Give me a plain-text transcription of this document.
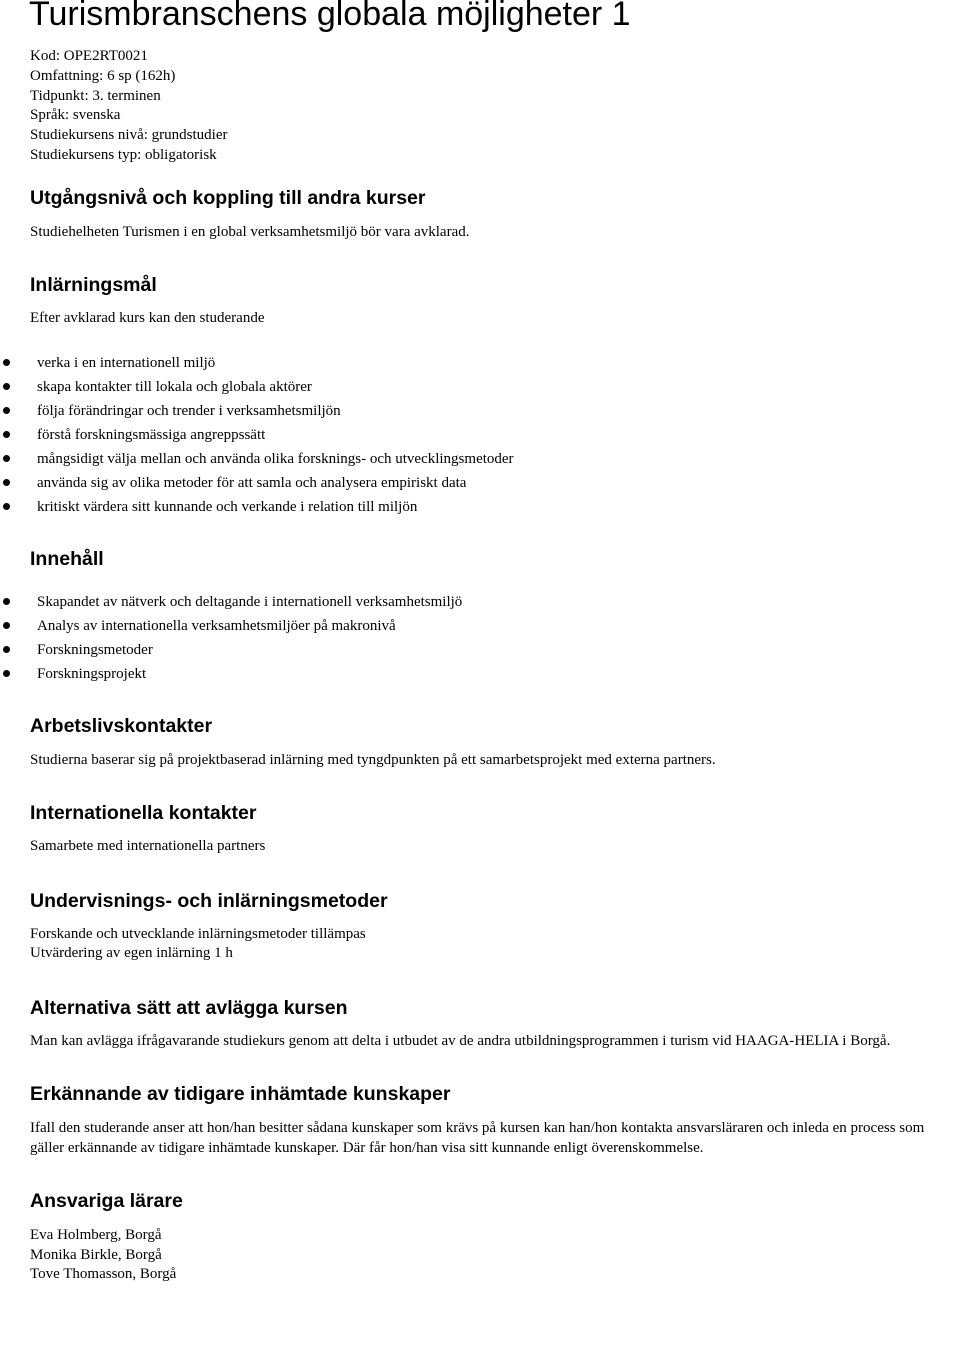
Turismbranschens globala möjligheter 1
Kod: OPE2RT0021
Omfattning: 6 sp (162h)
Tidpunkt: 3. terminen
Språk: svenska
Studiekursens nivå: grundstudier
Studiekursens typ: obligatorisk
Utgångsnivå och koppling till andra kurser

Studiehelheten Turismen i en global verksamhetsmiljö bör vara avklarad.

Inlärningsmål

Efter avklarad kurs kan den studerande

verka i en internationell miljö
skapa kontakter till lokala och globala aktörer
följa förändringar och trender i verksamhetsmiljön
förstå forskningsmässiga angreppssätt
mångsidigt välja mellan och använda olika forsknings- och utvecklingsmetoder
använda sig av olika metoder för att samla och analysera empiriskt data
kritiskt värdera sitt kunnande och verkande i relation till miljön
Innehåll
Skapandet av nätverk och deltagande i internationell verksamhetsmiljö
Analys av internationella verksamhetsmiljöer på makronivå
Forskningsmetoder
Forskningsprojekt
Arbetslivskontakter

Studierna baserar sig på projektbaserad inlärning med tyngdpunkten på ett samarbetsprojekt med externa partners.

Internationella kontakter

Samarbete med internationella partners

Undervisnings- och inlärningsmetoder
Forskande och utvecklande inlärningsmetoder tillämpas
Utvärdering av egen inlärning 1 h
Alternativa sätt att avlägga kursen

Man kan avlägga ifrågavarande studiekurs genom att delta i utbudet av de andra utbildningsprogrammen i turism vid HAAGA-HELIA i Borgå.

Erkännande av tidigare inhämtade kunskaper

Ifall den studerande anser att hon/han besitter sådana kunskaper som krävs på kursen kan han/hon kontakta ansvarsläraren och inleda en process som gäller erkännande av tidigare inhämtade kunskaper. Där får hon/han visa sitt kunnande enligt överenskommelse.

Ansvariga lärare
Eva Holmberg, Borgå
Monika Birkle, Borgå
Tove Thomasson, Borgå
